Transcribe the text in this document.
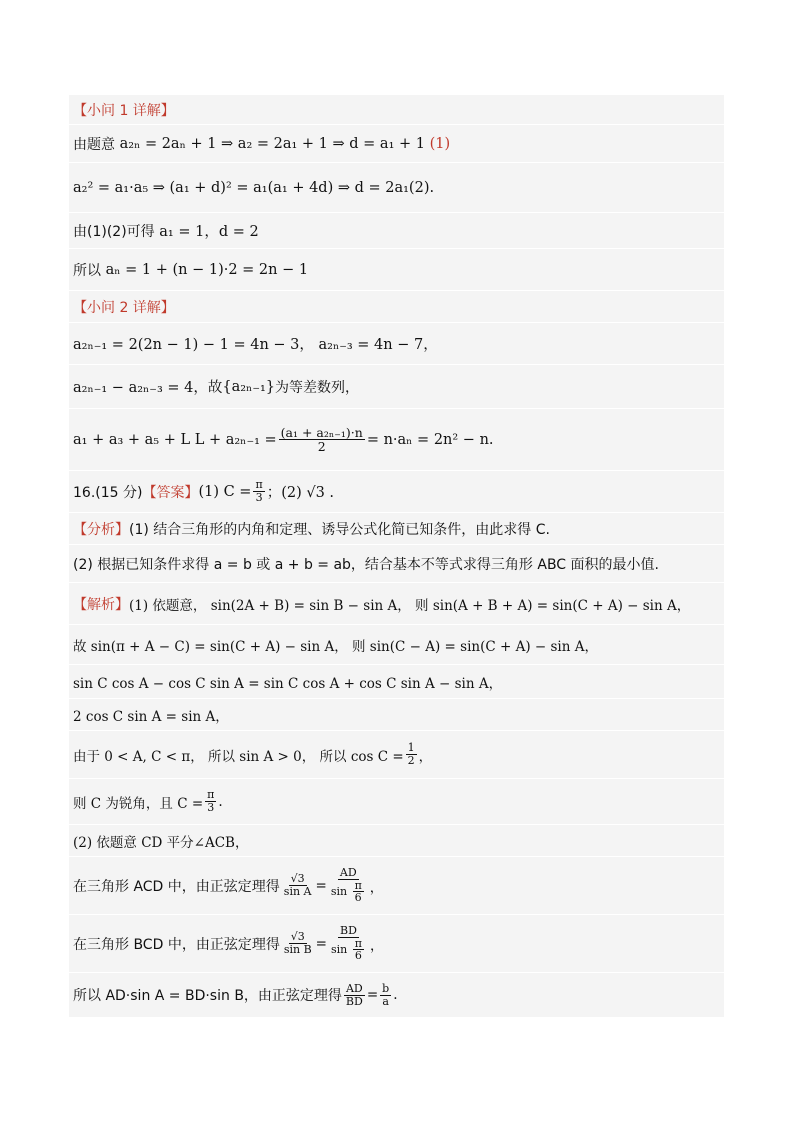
【小问 1 详解】
由题意
a₂ₙ = 2aₙ + 1 ⇒ a₂ = 2a₁ + 1 ⇒ d = a₁ + 1
(1)
a₂² = a₁·a₅ ⇒ (a₁ + d)² = a₁(a₁ + 4d) ⇒ d = 2a₁(2).
由(1)(2)可得
a₁ = 1，d = 2
所以
aₙ = 1 + (n − 1)·2 = 2n − 1
【小问 2 详解】
a₂ₙ₋₁ = 2(2n − 1) − 1 = 4n − 3， a₂ₙ₋₃ = 4n − 7，
a₂ₙ₋₁ − a₂ₙ₋₃ = 4，故 {a₂ₙ₋₁} 为等差数列，
a₁ + a₃ + a₅ + L $L + a_{2n-1} = \frac{\text{(a₁ + a₂ₙ₋₁)·n}}{2} = n\cdot a_n = 2n^2 - n$.
16.(15 分) 【答案】 (1) $C = \frac{\pi}{3}$ ；(2) √3 .
【分析】 (1) 结合三角形的内角和定理、诱导公式化简已知条件，由此求得 C.
(2) 根据已知条件求得 a = b 或 a + b = ab，结合基本不等式求得三角形 ABC 面积的最小值.
【解析】 (1) 依题意， sin(2A + B) = sin B − sin A， 则 sin(A + B + A) = sin(C + A) − sin A，
故 sin(π + A − C) = sin(C + A) − sin A， 则 sin(C − A) = sin(C + A) − sin A，
sin C cos A − cos C sin A = sin C cos A + cos C sin A − sin A，
2 cos C sin A = sin A，
由于 0 < A, C < π， 所以 sin A > 0， 所以 $\cos C = \frac{1}{2}$ ，
则 C 为锐角，且 $C = \frac{\pi}{3}$ .
(2) 依题意 CD 平分∠ACB，
在三角形 ACD 中，由正弦定理得 $\frac{√3}{\text{sin A}} = \frac{AD}{\sin \frac{\pi}{6}}$ ，
在三角形 BCD 中，由正弦定理得 $\frac{√3}{\text{sin B}} = \frac{BD}{\sin \frac{\pi}{6}}$ ，
所以 AD·sin A = BD·sin B，由正弦定理得 $\frac{AD}{BD} = \frac{b}{a}$ .
